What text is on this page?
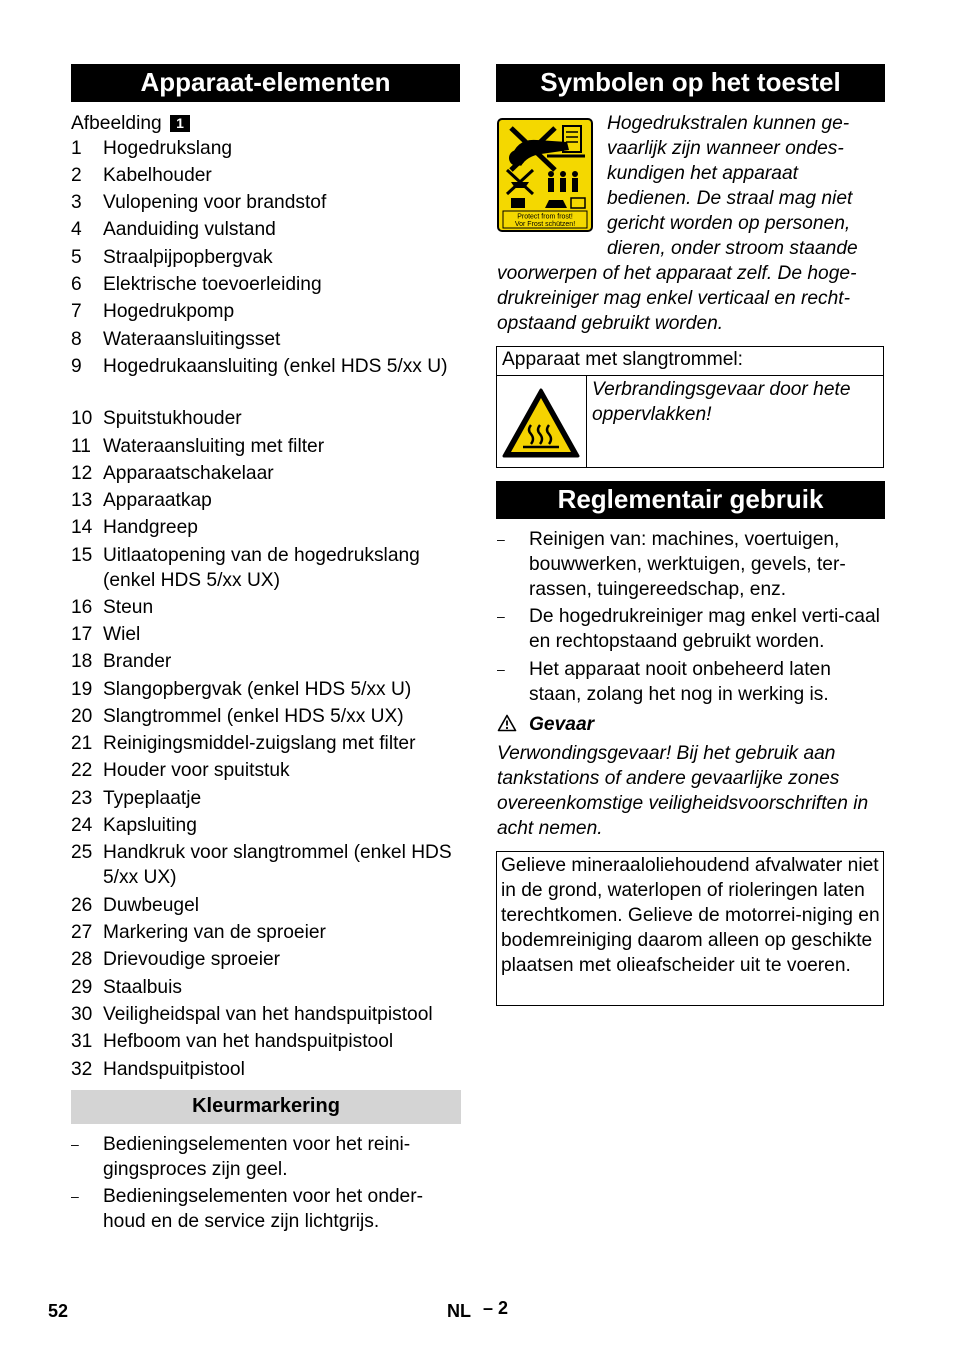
Apparaat-elementen
Afbeelding 1
1 Hogedrukslang
2 Kabelhouder
3 Vulopening voor brandstof
4 Aanduiding vulstand
5 Straalpijpopbergvak
6 Elektrische toevoerleiding
7 Hogedrukpomp
8 Wateraansluitingsset
9 Hogedrukaansluiting (enkel HDS 5/xx U)
10 Spuitstukhouder
11 Wateraansluiting met filter
12 Apparaatschakelaar
13 Apparaatkap
14 Handgreep
15 Uitlaatopening van de hogedrukslang (enkel HDS 5/xx UX)
16 Steun
17 Wiel
18 Brander
19 Slangopbergvak (enkel HDS 5/xx U)
20 Slangtrommel (enkel HDS 5/xx UX)
21 Reinigingsmiddel-zuigslang met filter
22 Houder voor spuitstuk
23 Typeplaatje
24 Kapsluiting
25 Handkruk voor slangtrommel (enkel HDS 5/xx UX)
26 Duwbeugel
27 Markering van de sproeier
28 Drievoudige sproeier
29 Staalbuis
30 Veiligheidspal van het handspuitpistool
31 Hefboom van het handspuitpistool
32 Handspuitpistool
Kleurmarkering
– Bedieningselementen voor het reini-gingsproces zijn geel.
– Bedieningselementen voor het onder-houd en de service zijn lichtgrijs.
Symbolen op het toestel
Protect from frost!
Vor Frost schützen!
Hogedrukstralen kunnen ge-vaarlijk zijn wanneer ondes-kundigen het apparaat bedienen. De straal mag niet gericht worden op personen, dieren, onder stroom staande voorwerpen of het apparaat zelf. De hoge-drukreiniger mag enkel verticaal en recht-opstaand gebruikt worden.
Apparaat met slangtrommel:
Verbrandingsgevaar door hete oppervlakken!
Reglementair gebruik
– Reinigen van: machines, voertuigen, bouwwerken, werktuigen, gevels, ter-rassen, tuingereedschap, enz.
– De hogedrukreiniger mag enkel verti-caal en rechtopstaand gebruikt worden.
– Het apparaat nooit onbeheerd laten staan, zolang het nog in werking is.
Gevaar
Verwondingsgevaar! Bij het gebruik aan tankstations of andere gevaarlijke zones overeenkomstige veiligheidsvoorschriften in acht nemen.
Gelieve mineraaloliehoudend afvalwater niet in de grond, waterlopen of rioleringen laten terechtkomen. Gelieve de motorrei-niging en bodemreiniging daarom alleen op geschikte plaatsen met olieafscheider uit te voeren.
52	NL – 2
